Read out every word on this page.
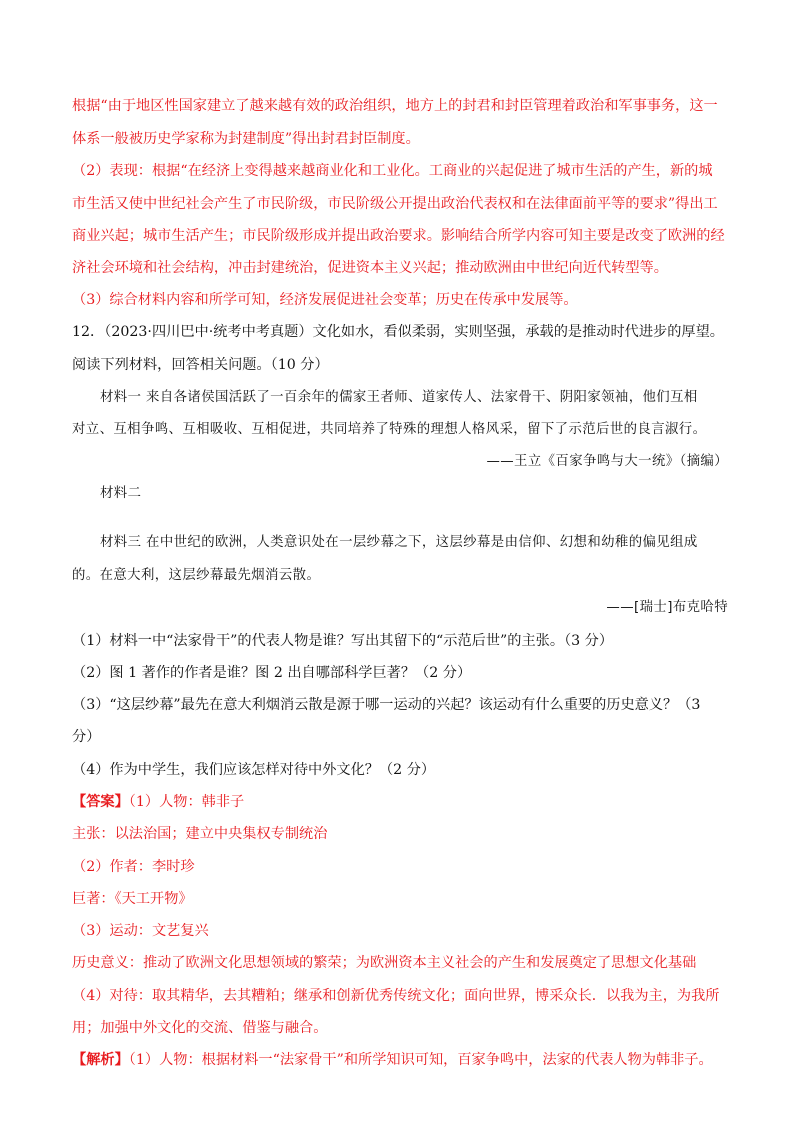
根据“由于地区性国家建立了越来越有效的政治组织，地方上的封君和封臣管理着政治和军事事务，这一
体系一般被历史学家称为封建制度”得出封君封臣制度。
（2）表现：根据“在经济上变得越来越商业化和工业化。工商业的兴起促进了城市生活的产生，新的城
市生活又使中世纪社会产生了市民阶级，市民阶级公开提出政治代表权和在法律面前平等的要求”得出工
商业兴起；城市生活产生；市民阶级形成并提出政治要求。影响结合所学内容可知主要是改变了欧洲的经
济社会环境和社会结构，冲击封建统治，促进资本主义兴起；推动欧洲由中世纪向近代转型等。
（3）综合材料内容和所学可知，经济发展促进社会变革；历史在传承中发展等。
12．（2023·四川巴中·统考中考真题）文化如水，看似柔弱，实则坚强，承载的是推动时代进步的厚望。
阅读下列材料，回答相关问题。（10 分）
材料一 来自各诸侯国活跃了一百余年的儒家王者师、道家传人、法家骨干、阴阳家领袖，他们互相
对立、互相争鸣、互相吸收、互相促进，共同培养了特殊的理想人格风采，留下了示范后世的良言淑行。
——王立《百家争鸣与大一统》（摘编）
材料二
材料三 在中世纪的欧洲，人类意识处在一层纱幕之下，这层纱幕是由信仰、幻想和幼稚的偏见组成
的。在意大利，这层纱幕最先烟消云散。
——[瑞士]布克哈特
（1）材料一中“法家骨干”的代表人物是谁？写出其留下的“示范后世”的主张。（3 分）
（2）图 1 著作的作者是谁？图 2 出自哪部科学巨著？（2 分）
（3）“这层纱幕”最先在意大利烟消云散是源于哪一运动的兴起？该运动有什么重要的历史意义？（3
分）
（4）作为中学生，我们应该怎样对待中外文化？（2 分）
【答案】（1）人物：韩非子
主张：以法治国；建立中央集权专制统治
（2）作者：李时珍
巨著：《天工开物》
（3）运动：文艺复兴
历史意义：推动了欧洲文化思想领域的繁荣；为欧洲资本主义社会的产生和发展奠定了思想文化基础
（4）对待：取其精华，去其糟粕；继承和创新优秀传统文化；面向世界，博采众长．以我为主，为我所
用；加强中外文化的交流、借鉴与融合。
【解析】（1）人物：根据材料一“法家骨干”和所学知识可知，百家争鸣中，法家的代表人物为韩非子。
